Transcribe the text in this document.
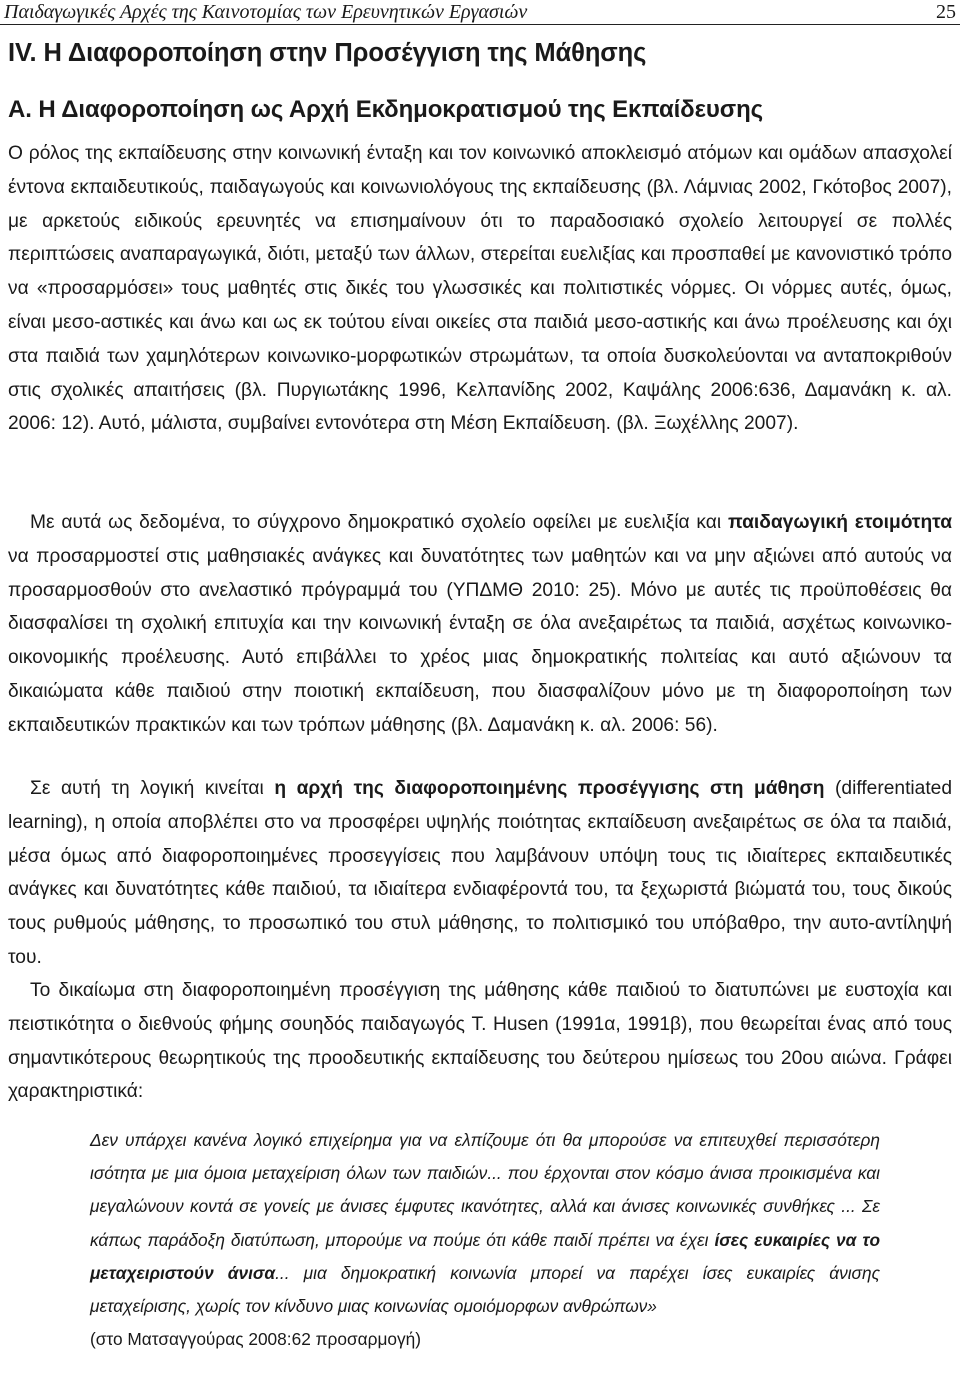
Παιδαγωγικές Αρχές της Καινοτομίας των Ερευνητικών Εργασιών	25
IV. Η Διαφοροποίηση στην Προσέγγιση της Μάθησης
Α. Η Διαφοροποίηση ως Αρχή Εκδημοκρατισμού της Εκπαίδευσης
Ο ρόλος της εκπαίδευσης στην κοινωνική ένταξη και τον κοινωνικό αποκλεισμό ατόμων και ομάδων απασχολεί έντονα εκπαιδευτικούς, παιδαγωγούς και κοινωνιολόγους της εκπαίδευσης (βλ. Λάμνιας 2002, Γκότοβος 2007), με αρκετούς ειδικούς ερευνητές να επισημαίνουν ότι το παραδοσιακό σχολείο λειτουργεί σε πολλές περιπτώσεις αναπαραγωγικά, διότι, μεταξύ των άλλων, στερείται ευελιξίας και προσπαθεί με κανονιστικό τρόπο να «προσαρμόσει» τους μαθητές στις δικές του γλωσσικές και πολιτιστικές νόρμες. Οι νόρμες αυτές, όμως, είναι μεσο-αστικές και άνω και ως εκ τούτου είναι οικείες στα παιδιά μεσο-αστικής και άνω προέλευσης και όχι στα παιδιά των χαμηλότερων κοινωνικο-μορφωτικών στρωμάτων, τα οποία δυσκολεύονται να ανταποκριθούν στις σχολικές απαιτήσεις (βλ. Πυργιωτάκης 1996, Κελπανίδης 2002, Καψάλης 2006:636, Δαμανάκη κ. αλ. 2006: 12). Αυτό, μάλιστα, συμβαίνει εντονότερα στη Μέση Εκπαίδευση. (βλ. Ξωχέλλης 2007).
Με αυτά ως δεδομένα, το σύγχρονο δημοκρατικό σχολείο οφείλει με ευελιξία και παιδαγωγική ετοιμότητα να προσαρμοστεί στις μαθησιακές ανάγκες και δυνατότητες των μαθητών και να μην αξιώνει από αυτούς να προσαρμοσθούν στο ανελαστικό πρόγραμμά του (ΥΠΔΜΘ 2010: 25). Μόνο με αυτές τις προϋποθέσεις θα διασφαλίσει τη σχολική επιτυχία και την κοινωνική ένταξη σε όλα ανεξαιρέτως τα παιδιά, ασχέτως κοινωνικο-οικονομικής προέλευσης. Αυτό επιβάλλει το χρέος μιας δημοκρατικής πολιτείας και αυτό αξιώνουν τα δικαιώματα κάθε παιδιού στην ποιοτική εκπαίδευση, που διασφαλίζουν μόνο με τη διαφοροποίηση των εκπαιδευτικών πρακτικών και των τρόπων μάθησης (βλ. Δαμανάκη κ. αλ. 2006: 56).
Σε αυτή τη λογική κινείται η αρχή της διαφοροποιημένης προσέγγισης στη μάθηση (differentiated learning), η οποία αποβλέπει στο να προσφέρει υψηλής ποιότητας εκπαίδευση ανεξαιρέτως σε όλα τα παιδιά, μέσα όμως από διαφοροποιημένες προσεγγίσεις που λαμβάνουν υπόψη τους τις ιδιαίτερες εκπαιδευτικές ανάγκες και δυνατότητες κάθε παιδιού, τα ιδιαίτερα ενδιαφέροντά του, τα ξεχωριστά βιώματά του, τους δικούς τους ρυθμούς μάθησης, το προσωπικό του στυλ μάθησης, το πολιτισμικό του υπόβαθρο, την αυτο-αντίληψή του.
Το δικαίωμα στη διαφοροποιημένη προσέγγιση της μάθησης κάθε παιδιού το διατυπώνει με ευστοχία και πειστικότητα ο διεθνούς φήμης σουηδός παιδαγωγός T. Husen (1991α, 1991β), που θεωρείται ένας από τους σημαντικότερους θεωρητικούς της προοδευτικής εκπαίδευσης του δεύτερου ημίσεως του 20ου αιώνα. Γράφει χαρακτηριστικά:
Δεν υπάρχει κανένα λογικό επιχείρημα για να ελπίζουμε ότι θα μπορούσε να επιτευχθεί περισσότερη ισότητα με μια όμοια μεταχείριση όλων των παιδιών... που έρχονται στον κόσμο άνισα προικισμένα και μεγαλώνουν κοντά σε γονείς με άνισες έμφυτες ικανότητες, αλλά και άνισες κοινωνικές συνθήκες ... Σε κάπως παράδοξη διατύπωση, μπορούμε να πούμε ότι κάθε παιδί πρέπει να έχει ίσες ευκαιρίες να το μεταχειριστούν άνισα... μια δημοκρατική κοινωνία μπορεί να παρέχει ίσες ευκαιρίες άνισης μεταχείρισης, χωρίς τον κίνδυνο μιας κοινωνίας ομοιόμορφων ανθρώπων»
(στο Ματσαγγούρας 2008:62 προσαρμογή)
